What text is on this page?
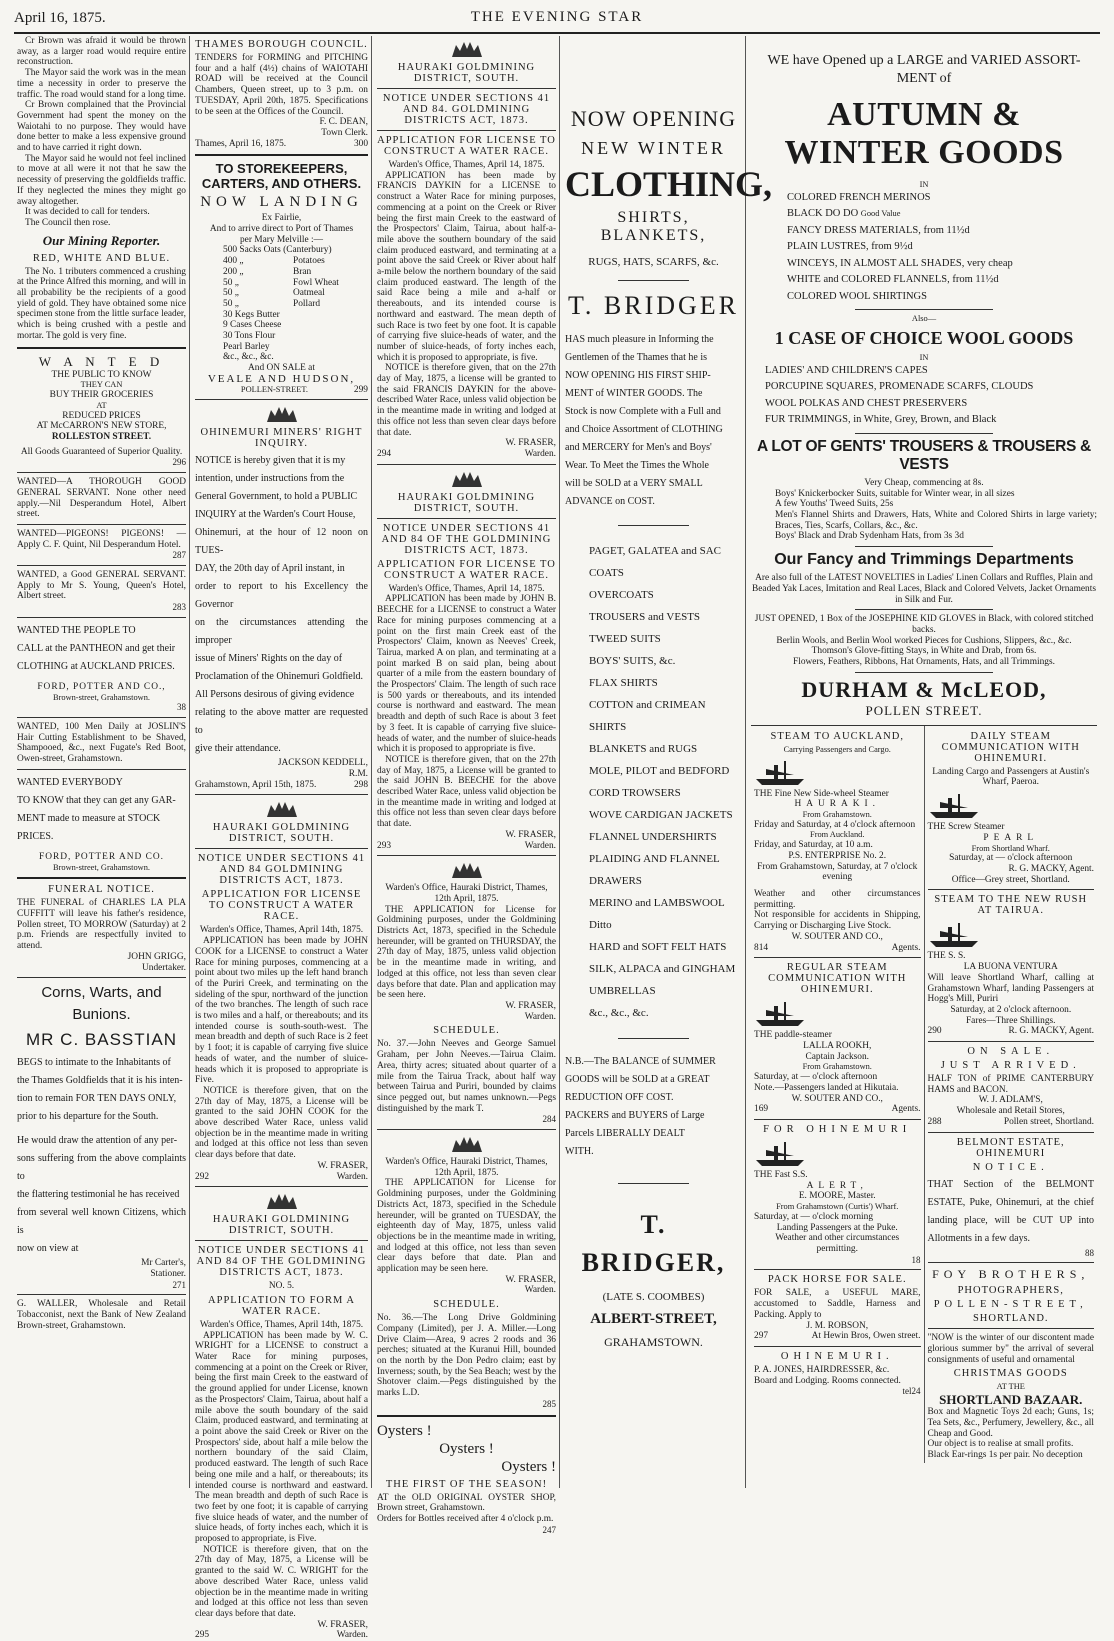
April 16, 1875.	THE EVENING STAR

Cr Brown was afraid it would be thrown away, as a larger road would require entire reconstruction.

The Mayor said the work was in the mean time a necessity in order to preserve the traffic. The road would stand for a long time.

Cr Brown complained that the Provincial Government had spent the money on the Waiotahi to no purpose. They would have done better to make a less expensive ground and to have carried it right down.

The Mayor said he would not feel inclined to move at all were it not that he saw the necessity of preserving the goldfields traffic. If they neglected the mines they might go away altogether.

It was decided to call for tenders.

The Council then rose.

Our Mining Reporter.

RED, WHITE AND BLUE.

The No. 1 tributers commenced a crushing at the Prince Alfred this morning, and will in all probability be the recipients of a good yield of gold. They have obtained some nice specimen stone from the little surface leader, which is being crushed with a pestle and mortar. The gold is very fine.

W A N T E D

THE PUBLIC TO KNOW

THEY CAN

BUY THEIR GROCERIES

AT

REDUCED PRICES

AT McCARRON'S NEW STORE,

ROLLESTON STREET.

All Goods Guaranteed of Superior Quality.

296

WANTED—A THOROUGH GOOD GENERAL SERVANT. None other need apply.—Nil Desperandum Hotel, Albert street.

WANTED—PIGEONS! PIGEONS! — Apply C. F. Quint, Nil Desperandum Hotel.

287

WANTED, a Good GENERAL SERVANT. Apply to Mr S. Young, Queen's Hotel, Albert street.

283

WANTED THE PEOPLE TO

CALL at the PANTHEON and get their

CLOTHING at AUCKLAND PRICES.

FORD, POTTER AND CO.,

Brown-street, Grahamstown.

38

WANTED, 100 Men Daily at JOSLIN'S Hair Cutting Establishment to be Shaved, Shampooed, &c., next Fugate's Red Boot, Owen-street, Grahamstown.

WANTED EVERYBODY

TO KNOW that they can get any GAR-

MENT made to measure at STOCK

PRICES.

FORD, POTTER AND CO.

Brown-street, Grahamstown.

FUNERAL NOTICE.

THE FUNERAL of CHARLES LA PLA CUFFITT will leave his father's residence, Pollen street, TO MORROW (Saturday) at 2 p.m. Friends are respectfully invited to attend.

JOHN GRIGG,

Undertaker.

Corns, Warts, and

Bunions.

MR C. BASSTIAN

BEGS to intimate to the Inhabitants of

the Thames Goldfields that it is his inten-

tion to remain FOR TEN DAYS ONLY,

prior to his departure for the South.

He would draw the attention of any per-

sons suffering from the above complaints to

the flattering testimonial he has received

from several well known Citizens, which is

now on view at

Mr Carter's,

Stationer.

271

G. WALLER, Wholesale and Retail Tobacconist, next the Bank of New Zealand Brown-street, Grahamstown.

THAMES BOROUGH COUNCIL.

TENDERS for FORMING and PITCHING four and a half (4½) chains of WAIOTAHI ROAD will be received at the Council Chambers, Queen street, up to 3 p.m. on TUESDAY, April 20th, 1875. Specifications to be seen at the Offices of the Council.

F. C. DEAN,

Town Clerk.

Thames, April 16, 1875.	300

TO STOREKEEPERS, CARTERS, AND OTHERS.

NOW LANDING

Ex Fairlie,

And to arrive direct to Port of Thames

per Mary Melville :—

500 Sacks Oats (Canterbury)
400 „	Potatoes
200 „	Bran
50 „	Fowl Wheat
50 „	Oatmeal
50 „	Pollard
30 Kegs Butter
9 Cases Cheese
30 Tons Flour
Pearl Barley
&c., &c., &c.

And ON SALE at

VEALE AND HUDSON,

POLLEN-STREET.	299

OHINEMURI MINERS' RIGHT INQUIRY.

NOTICE is hereby given that it is my

intention, under instructions from the

General Government, to hold a PUBLIC

INQUIRY at the Warden's Court House,

Ohinemuri, at the hour of 12 noon on TUES-

DAY, the 20th day of April instant, in

order to report to his Excellency the Governor

on the circumstances attending the improper

issue of Miners' Rights on the day of

Proclamation of the Ohinemuri Goldfield.

All Persons desirous of giving evidence

relating to the above matter are requested to

give their attendance.

JACKSON KEDDELL,

R.M.

Grahamstown, April 15th, 1875.	298

HAURAKI GOLDMINING DISTRICT, SOUTH.

NOTICE UNDER SECTIONS 41 AND 84 GOLDMINING DISTRICTS ACT, 1873.

APPLICATION FOR LICENSE TO CONSTRUCT A WATER RACE.

Warden's Office, Thames, April 14th, 1875.

APPLICATION has been made by JOHN COOK for a LICENSE to construct a Water Race for mining purposes, commencing at a point about two miles up the left hand branch of the Puriri Creek, and terminating on the sideling of the spur, northward of the junction of the two branches. The length of such race is two miles and a half, or thereabouts; and its intended course is south-south-west. The mean breadth and depth of such Race is 2 feet by 1 foot; it is capable of carrying five sluice heads of water, and the number of sluice-heads which it is proposed to appropriate is Five.

NOTICE is therefore given, that on the 27th day of May, 1875, a License will be granted to the said JOHN COOK for the above described Water Race, unless valid objection be in the meantime made in writing and lodged at this office not less than seven clear days before that date.

W. FRASER,

292	Warden.

HAURAKI GOLDMINING DISTRICT, SOUTH.

NOTICE UNDER SECTIONS 41 AND 84 OF THE GOLDMINING DISTRICTS ACT, 1873.

NO. 5.

APPLICATION TO FORM A WATER RACE.

Warden's Office, Thames, April 14th, 1875.

APPLICATION has been made by W. C. WRIGHT for a LICENSE to construct a Water Race for mining purposes, commencing at a point on the Creek or River, being the first main Creek to the eastward of the ground applied for under License, known as the Prospectors' Claim, Tairua, about half a mile above the south boundary of the said Claim, produced eastward, and terminating at a point above the said Creek or River on the Prospectors' side, about half a mile below the northern boundary of the said Claim, produced eastward. The length of such Race being one mile and a half, or thereabouts; its intended course is northward and eastward. The mean breadth and depth of such Race is two feet by one foot; it is capable of carrying five sluice heads of water, and the number of sluice heads, of forty inches each, which it is proposed to appropriate, is Five.

NOTICE is therefore given, that on the 27th day of May, 1875, a License will be granted to the said W. C. WRIGHT for the above described Water Race, unless valid objection be in the meantime made in writing and lodged at this office not less than seven clear days before that date.

W. FRASER,

295	Warden.

HAURAKI GOLDMINING DISTRICT, SOUTH.

NOTICE UNDER SECTIONS 41 AND 84. GOLDMINING DISTRICTS ACT, 1873.

APPLICATION FOR LICENSE TO CONSTRUCT A WATER RACE.

Warden's Office, Thames, April 14, 1875.

APPLICATION has been made by FRANCIS DAYKIN for a LICENSE to construct a Water Race for mining purposes, commencing at a point on the Creek or River being the first main Creek to the eastward of the Prospectors' Claim, Tairua, about half-a-mile above the southern boundary of the said claim produced eastward, and terminating at a point above the said Creek or River about half a-mile below the northern boundary of the said claim produced eastward. The length of the said Race being a mile and a-half or thereabouts, and its intended course is northward and eastward. The mean depth of such Race is two feet by one foot. It is capable of carrying five sluice-heads of water, and the number of sluice-heads, of forty inches each, which it is proposed to appropriate, is five.

NOTICE is therefore given, that on the 27th day of May, 1875, a license will be granted to the said FRANCIS DAYKIN for the above-described Water Race, unless valid objection be in the meantime made in writing and lodged at this office not less than seven clear days before that date.

W. FRASER,

294	Warden.

HAURAKI GOLDMINING DISTRICT, SOUTH.

NOTICE UNDER SECTIONS 41 AND 84 OF THE GOLDMINING DISTRICTS ACT, 1873.

APPLICATION FOR LICENSE TO CONSTRUCT A WATER RACE.

Warden's Office, Thames, April 14, 1875.

APPLICATION has been made by JOHN B. BEECHE for a LICENSE to construct a Water Race for mining purposes commencing at a point on the first main Creek east of the Prospectors' Claim, known as Neeves' Creek, Tairua, marked A on plan, and terminating at a point marked B on said plan, being about quarter of a mile from the eastern boundary of the Prospectors' Claim. The length of such race is 500 yards or thereabouts, and its intended course is northward and eastward. The mean breadth and depth of such Race is about 3 feet by 3 feet. It is capable of carrying five sluice-heads of water, and the number of sluice-heads which it is proposed to appropriate is five.

NOTICE is therefore given, that on the 27th day of May, 1875, a License will be granted to the said JOHN B. BEECHE for the above described Water Race, unless valid objection be in the meantime made in writing and lodged at this office not less than seven clear days before that date.

W. FRASER,

293	Warden.

Warden's Office, Hauraki District, Thames, 12th April, 1875.

THE APPLICATION for License for Goldmining purposes, under the Goldmining Districts Act, 1873, specified in the Schedule hereunder, will be granted on THURSDAY, the 27th day of May, 1875, unless valid objection be in the meantime made in writing, and lodged at this office, not less than seven clear days before that date. Plan and application may be seen here.

W. FRASER,

Warden.

SCHEDULE.

No. 37.—John Neeves and George Samuel Graham, per John Neeves.—Tairua Claim. Area, thirty acres; situated about quarter of a mile from the Tairua Track, about half way between Tairua and Puriri, bounded by claims since pegged out, but names unknown.—Pegs distinguished by the mark T.

284

Warden's Office, Hauraki District, Thames, 12th April, 1875.

THE APPLICATION for License for Goldmining purposes, under the Goldmining Districts Act, 1873, specified in the Schedule hereunder, will be granted on TUESDAY, the eighteenth day of May, 1875, unless valid objections be in the meantime made in writing, and lodged at this office, not less than seven clear days before that date. Plan and application may be seen here.

W. FRASER,

Warden.

SCHEDULE.

No. 36.—The Long Drive Goldmining Company (Limited), per J. A. Miller.—Long Drive Claim—Area, 9 acres 2 roods and 36 perches; situated at the Kuranui Hill, bounded on the north by the Don Pedro claim; east by Inverness; south, by the Sea Beach; west by the Shotover claim.—Pegs distinguished by the marks L.D.

285

Oysters !

Oysters !

Oysters !

THE FIRST OF THE SEASON!

AT the OLD ORIGINAL OYSTER SHOP, Brown street, Grahamstown.

Orders for Bottles received after 4 o'clock p.m.

247

NOW OPENING

NEW WINTER

CLOTHING,

SHIRTS, BLANKETS,

RUGS, HATS, SCARFS, &c.

T. BRIDGER

HAS much pleasure in Informing the

Gentlemen of the Thames that he is

NOW OPENING HIS FIRST SHIP-

MENT of WINTER GOODS. The

Stock is now Complete with a Full and

and Choice Assortment of CLOTHING

and MERCERY for Men's and Boys'

Wear. To Meet the Times the Whole

will be SOLD at a VERY SMALL

ADVANCE on COST.

PAGET, GALATEA and SAC

COATS

OVERCOATS

TROUSERS and VESTS

TWEED SUITS

BOYS' SUITS, &c.

FLAX SHIRTS

COTTON and CRIMEAN SHIRTS

BLANKETS and RUGS

MOLE, PILOT and BEDFORD

CORD TROWSERS

WOVE CARDIGAN JACKETS

FLANNEL UNDERSHIRTS

PLAIDING AND FLANNEL

DRAWERS

MERINO and LAMBSWOOL

Ditto

HARD and SOFT FELT HATS

SILK, ALPACA and GINGHAM

UMBRELLAS

&c., &c., &c.

N.B.—The BALANCE of SUMMER

GOODS will be SOLD at a GREAT

REDUCTION OFF COST.

PACKERS and BUYERS of Large

Parcels LIBERALLY DEALT

WITH.

T. BRIDGER,

(LATE S. COOMBES)

ALBERT-STREET,

GRAHAMSTOWN.

WE have Opened up a LARGE and VARIED ASSORT-

MENT of

AUTUMN & WINTER GOODS

IN

COLORED FRENCH MERINOS

BLACK DO DO Good Value

FANCY DRESS MATERIALS, from 11½d

PLAIN LUSTRES, from 9½d

WINCEYS, IN ALMOST ALL SHADES, very cheap

WHITE and COLORED FLANNELS, from 11½d

COLORED WOOL SHIRTINGS

Also—

1 CASE OF CHOICE WOOL GOODS

IN

LADIES' AND CHILDREN'S CAPES

PORCUPINE SQUARES, PROMENADE SCARFS, CLOUDS

WOOL POLKAS AND CHEST PRESERVERS

FUR TRIMMINGS, in White, Grey, Brown, and Black

A LOT OF GENTS' TROUSERS & TROUSERS & VESTS

Very Cheap, commencing at 8s.

Boys' Knickerbocker Suits, suitable for Winter wear, in all sizes

A few Youths' Tweed Suits, 25s

Men's Flannel Shirts and Drawers, Hats, White and Colored Shirts in large variety; Braces, Ties, Scarfs, Collars, &c., &c.

Boys' Black and Drab Sydenham Hats, from 3s 3d

Our Fancy and Trimmings Departments

Are also full of the LATEST NOVELTIES in Ladies' Linen Collars and Ruffles, Plain and Beaded Yak Laces, Imitation and Real Laces, Black and Colored Velvets, Jacket Ornaments in Silk and Fur.

JUST OPENED, 1 Box of the JOSEPHINE KID GLOVES in Black, with colored stitched backs.

Berlin Wools, and Berlin Wool worked Pieces for Cushions, Slippers, &c., &c.

Thomson's Glove-fitting Stays, in White and Drab, from 6s.

Flowers, Feathers, Ribbons, Hat Ornaments, Hats, and all Trimmings.

DURHAM & McLEOD,

POLLEN STREET.

STEAM TO AUCKLAND,

Carrying Passengers and Cargo.

THE Fine New Side-wheel Steamer

HAURAKI.

From Grahamstown.

Friday and Saturday, at 4 o'clock afternoon

From Auckland.

Friday, and Saturday, at 10 a.m.

P.S. ENTERPRISE No. 2.

From Grahamstown, Saturday, at 7 o'clock evening

Weather and other circumstances permitting.

Not responsible for accidents in Shipping, Carrying or Discharging Live Stock.

W. SOUTER AND CO.,

814	Agents.

REGULAR STEAM COMMUNICATION WITH OHINEMURI.

THE paddle-steamer

LALLA ROOKH,

Captain Jackson.

From Grahamstown.

Saturday, at — o'clock afternoon

Note.—Passengers landed at Hikutaia.

W. SOUTER AND CO.,

169	Agents.

FOR OHINEMURI

THE Fast S.S.

ALERT,

E. MOORE, Master.

From Grahamstown (Curtis') Wharf.

Saturday, at — o'clock morning

Landing Passengers at the Puke.

Weather and other circumstances permitting.

18

PACK HORSE FOR SALE.

FOR SALE, a USEFUL MARE, accustomed to Saddle, Harness and Packing. Apply to

J. M. ROBSON,

297	At Hewin Bros, Owen street.

OHINEMURI.

P. A. JONES, HAIRDRESSER, &c.

Board and Lodging. Rooms connected.

tel24

DAILY STEAM COMMUNICATION WITH OHINEMURI.

Landing Cargo and Passengers at Austin's Wharf, Paeroa.

THE Screw Steamer

PEARL

From Shortland Wharf.

Saturday, at — o'clock afternoon

R. G. MACKY, Agent.

Office—Grey street, Shortland.

STEAM TO THE NEW RUSH AT TAIRUA.

THE S. S.

LA BUONA VENTURA

Will leave Shortland Wharf, calling at Grahamstown Wharf, landing Passengers at Hogg's Mill, Puriri

Saturday, at 2 o'clock afternoon.

Fares—Three Shillings.

290	R. G. MACKY, Agent.

ON SALE.

JUST ARRIVED.

HALF TON of PRIME CANTERBURY HAMS and BACON.

W. J. ADLAM'S,

Wholesale and Retail Stores,

288	Pollen street, Shortland.

BELMONT ESTATE, OHINEMURI

NOTICE.

THAT Section of the BELMONT ESTATE, Puke, Ohinemuri, at the chief landing place, will be CUT UP into Allotments in a few days.

88

FOY BROTHERS,

PHOTOGRAPHERS,

POLLEN-STREET,

SHORTLAND.

"NOW is the winter of our discontent made glorious summer by" the arrival of several consignments of useful and ornamental

CHRISTMAS GOODS

AT THE

SHORTLAND BAZAAR.

Box and Magnetic Toys 2d each; Guns, 1s; Tea Sets, &c., Perfumery, Jewellery, &c., all Cheap and Good.

Our object is to realise at small profits.

Black Ear-rings 1s per pair. No deception
